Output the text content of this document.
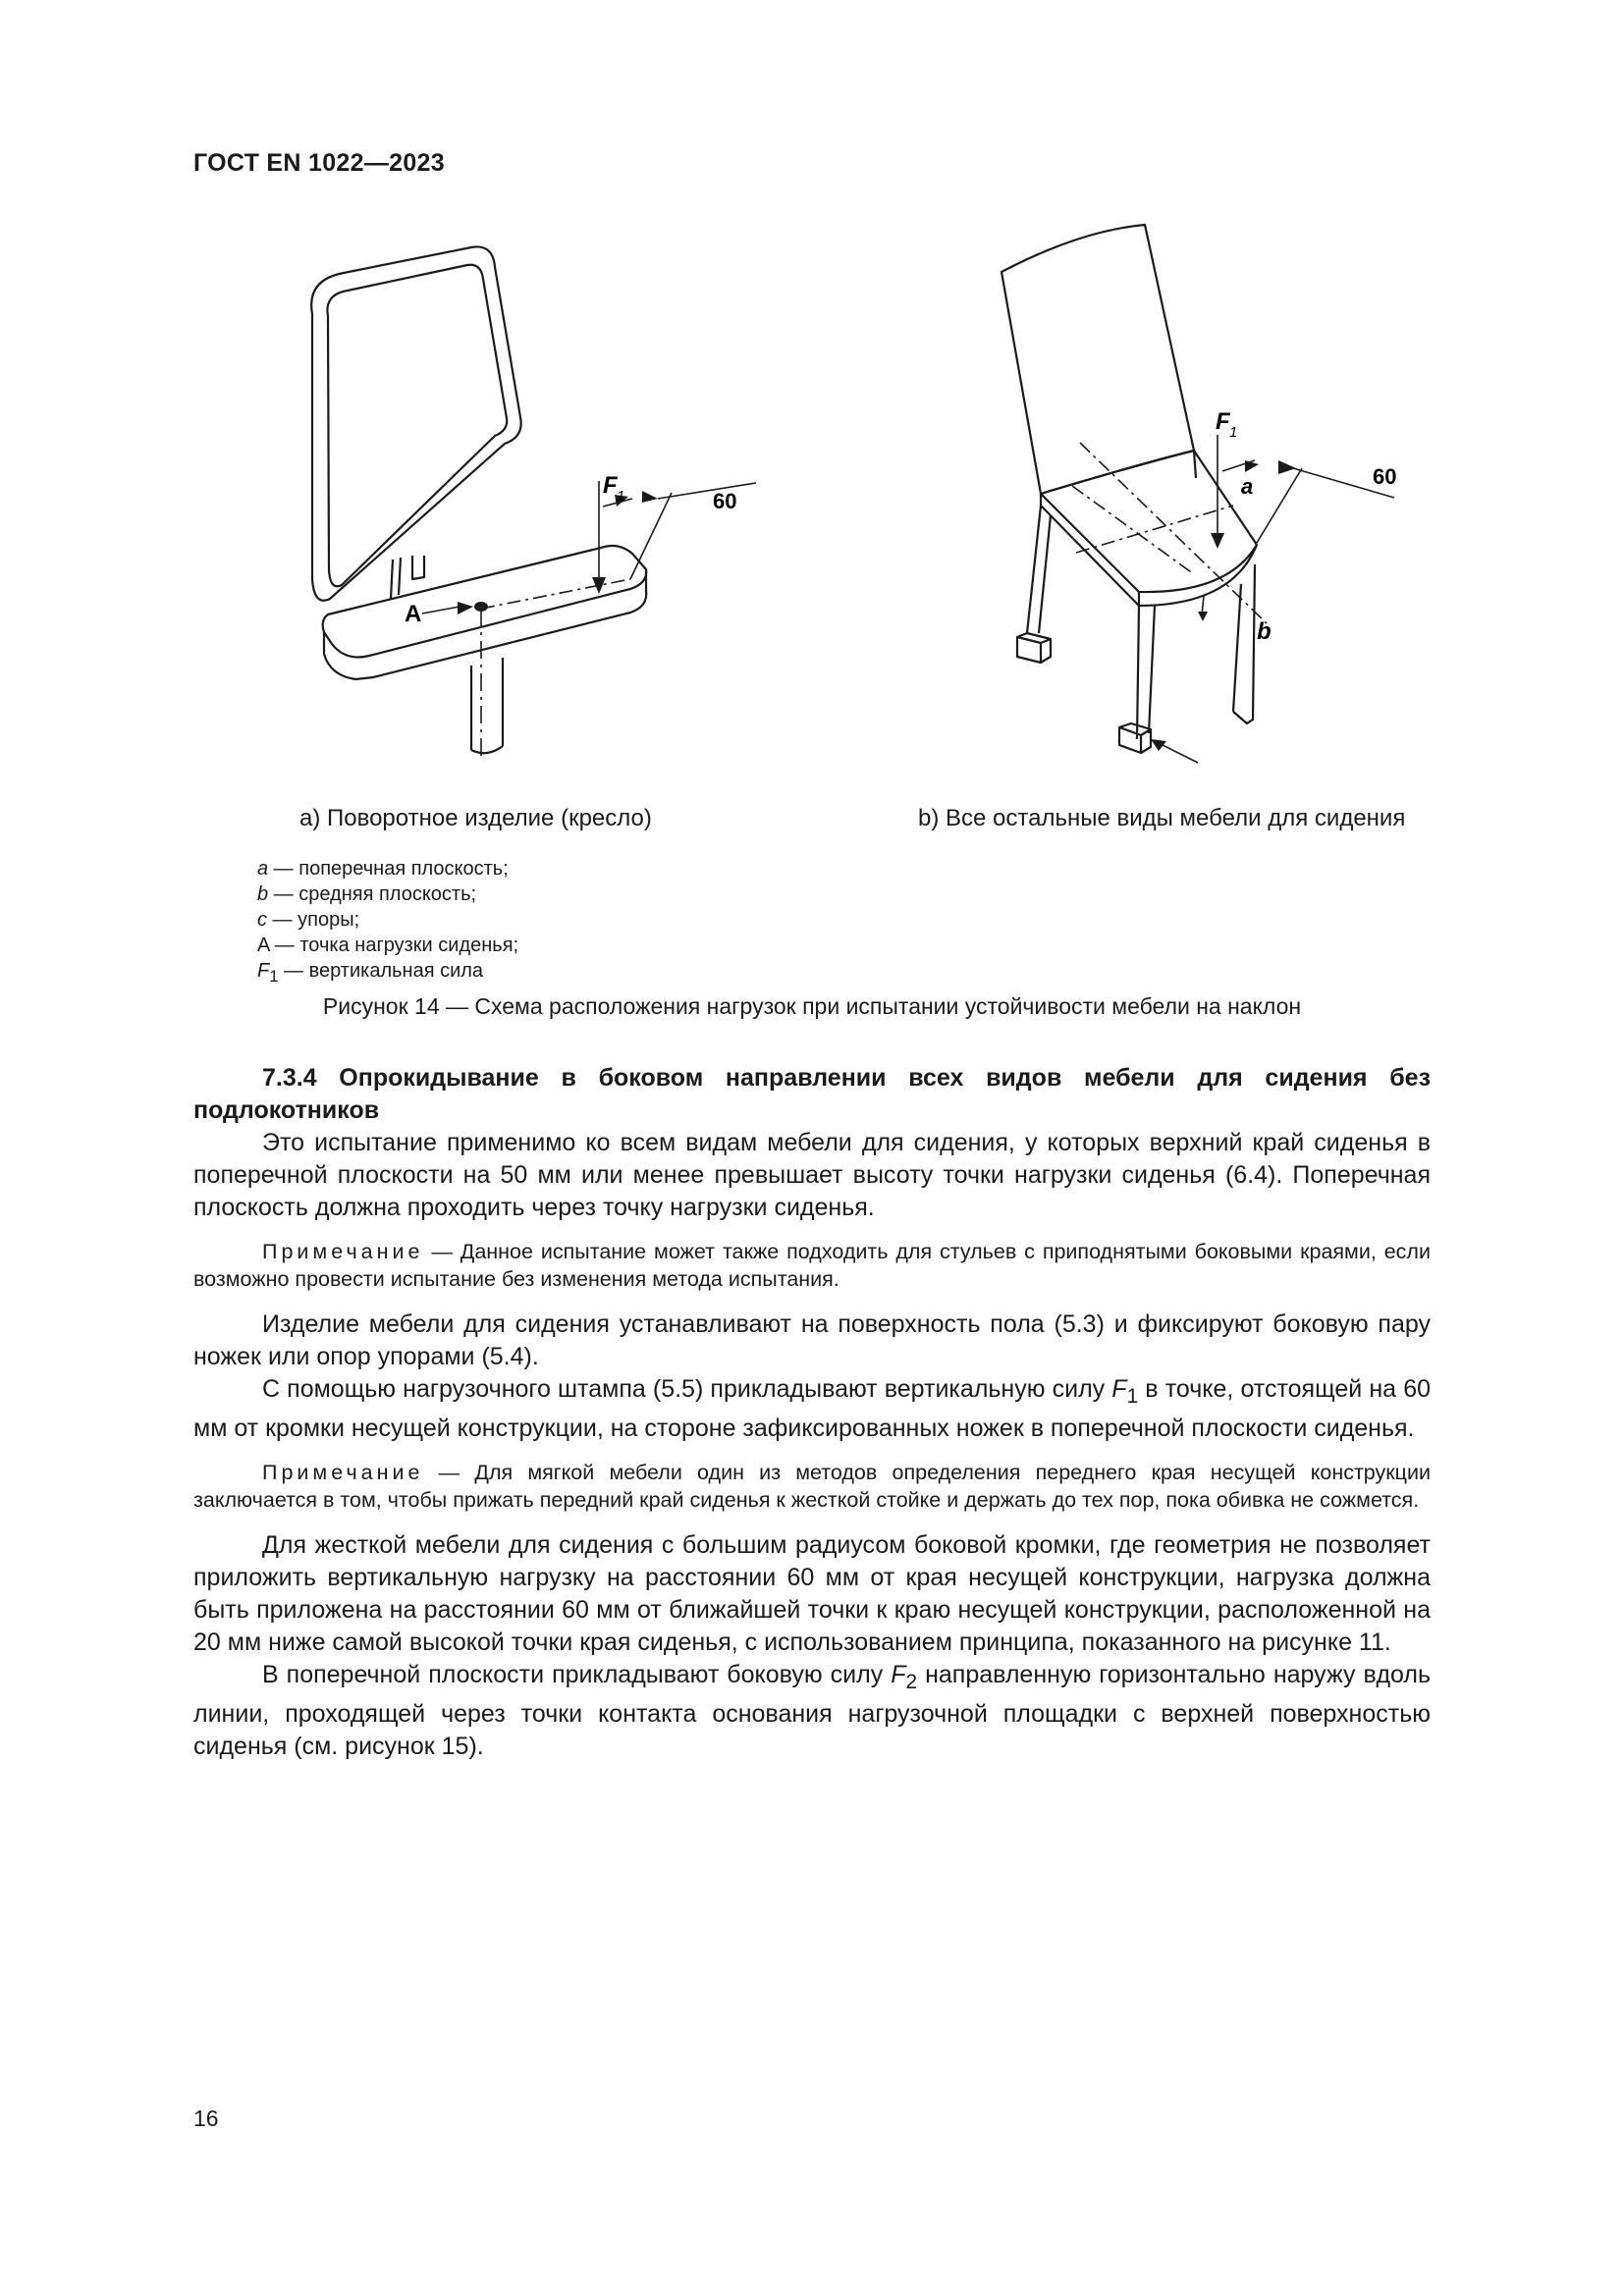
ГОСТ EN 1022—2023
F 1	60
A
F 1
a	60
b
a) Поворотное изделие (кресло)	b) Все остальные виды мебели для сидения
a — поперечная плоскость;
b — средняя плоскость;
c — упоры;
A — точка нагрузки сиденья;
$F_1$ — вертикальная сила
Рисунок 14 — Схема расположения нагрузок при испытании устойчивости мебели на наклон

7.3.4 Опрокидывание в боковом направлении всех видов мебели для сидения без подлокотников

Это испытание применимо ко всем видам мебели для сидения, у которых верхний край сиденья в поперечной плоскости на 50 мм или менее превышает высоту точки нагрузки сиденья (6.4). Поперечная плоскость должна проходить через точку нагрузки сиденья.

Примечание — Данное испытание может также подходить для стульев с приподнятыми боковыми краями, если возможно провести испытание без изменения метода испытания.

Изделие мебели для сидения устанавливают на поверхность пола (5.3) и фиксируют боковую пару ножек или опор упорами (5.4).

С помощью нагрузочного штампа (5.5) прикладывают вертикальную силу $F_1$ в точке, отстоящей на 60 мм от кромки несущей конструкции, на стороне зафиксированных ножек в поперечной плоскости сиденья.

Примечание — Для мягкой мебели один из методов определения переднего края несущей конструкции заключается в том, чтобы прижать передний край сиденья к жесткой стойке и держать до тех пор, пока обивка не сожмется.

Для жесткой мебели для сидения с большим радиусом боковой кромки, где геометрия не позволяет приложить вертикальную нагрузку на расстоянии 60 мм от края несущей конструкции, нагрузка должна быть приложена на расстоянии 60 мм от ближайшей точки к краю несущей конструкции, расположенной на 20 мм ниже самой высокой точки края сиденья, с использованием принципа, показанного на рисунке 11.

В поперечной плоскости прикладывают боковую силу $F_2$ направленную горизонтально наружу вдоль линии, проходящей через точки контакта основания нагрузочной площадки с верхней поверхностью сиденья (см. рисунок 15).

16
